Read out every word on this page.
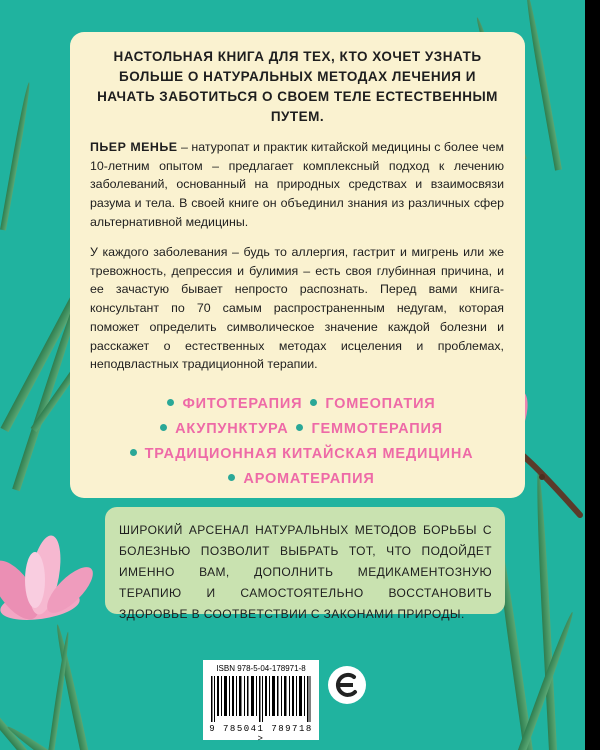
НАСТОЛЬНАЯ КНИГА ДЛЯ ТЕХ, КТО ХОЧЕТ УЗНАТЬ БОЛЬШЕ О НАТУРАЛЬНЫХ МЕТОДАХ ЛЕЧЕНИЯ И НАЧАТЬ ЗАБОТИТЬСЯ О СВОЕМ ТЕЛЕ ЕСТЕСТВЕННЫМ ПУТЕМ.
ПЬЕР МЕНЬЕ – натуропат и практик китайской медицины с более чем 10-летним опытом – предлагает комплексный подход к лечению заболеваний, основанный на природных средствах и взаимосвязи разума и тела. В своей книге он объединил знания из различных сфер альтернативной медицины.
У каждого заболевания – будь то аллергия, гастрит и мигрень или же тревожность, депрессия и булимия – есть своя глубинная причина, и ее зачастую бывает непросто распознать. Перед вами книга-консультант по 70 самым распространенным недугам, которая поможет определить символическое значение каждой болезни и расскажет о естественных методах исцеления и проблемах, неподвластных традиционной терапии.
ФИТОТЕРАПИЯ ГОМЕОПАТИЯ
АКУПУНКТУРА ГЕММОТЕРАПИЯ
ТРАДИЦИОННАЯ КИТАЙСКАЯ МЕДИЦИНА
АРОМАТЕРАПИЯ
ШИРОКИЙ АРСЕНАЛ НАТУРАЛЬНЫХ МЕТОДОВ БОРЬБЫ С БОЛЕЗНЬЮ ПОЗВОЛИТ ВЫБРАТЬ ТОТ, ЧТО ПОДОЙДЕТ ИМЕННО ВАМ, ДОПОЛНИТЬ МЕДИКАМЕНТОЗНУЮ ТЕРАПИЮ И САМОСТОЯТЕЛЬНО ВОССТАНОВИТЬ ЗДОРОВЬЕ В СООТВЕТСТВИИ С ЗАКОНАМИ ПРИРОДЫ.
ISBN 978-5-04-178971-8
9 785041 789718 >
